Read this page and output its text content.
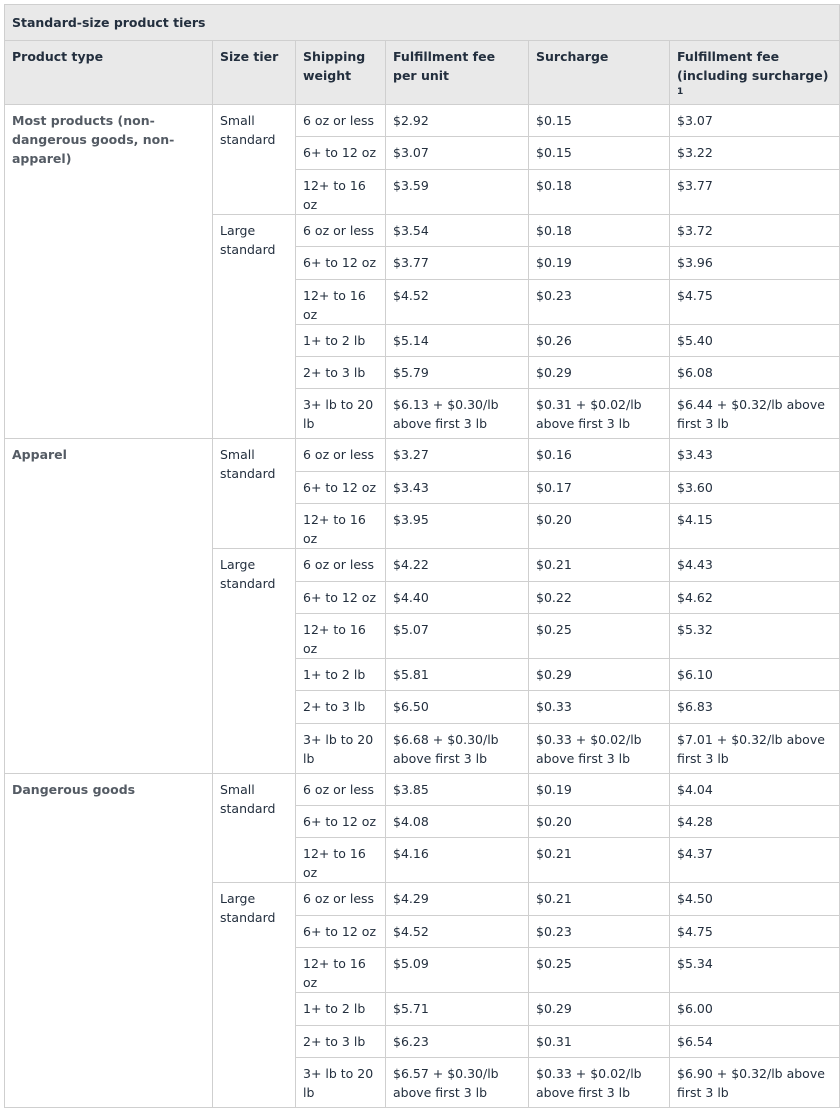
Standard-size product tiers					
Product type	Size tier	Shipping weight	Fulfillment fee per unit	Surcharge	Fulfillment fee (including surcharge) $^1$
Most products (non-dangerous goods, non-apparel)	Small standard	6 oz or less	$2.92	$0.15	$3.07
		6+ to 12 oz	$3.07	$0.15	$3.22
		12+ to 16 oz	$3.59	$0.18	$3.77
	Large standard	6 oz or less	$3.54	$0.18	$3.72
		6+ to 12 oz	$3.77	$0.19	$3.96
		12+ to 16 oz	$4.52	$0.23	$4.75
		1+ to 2 lb	$5.14	$0.26	$5.40
		2+ to 3 lb	$5.79	$0.29	$6.08
		3+ lb to 20 lb	$6.13 + $0.30/lb above first 3 lb	$0.31 + $0.02/lb above first 3 lb	$6.44 + $0.32/lb above first 3 lb
Apparel	Small standard	6 oz or less	$3.27	$0.16	$3.43
		6+ to 12 oz	$3.43	$0.17	$3.60
		12+ to 16 oz	$3.95	$0.20	$4.15
	Large standard	6 oz or less	$4.22	$0.21	$4.43
		6+ to 12 oz	$4.40	$0.22	$4.62
		12+ to 16 oz	$5.07	$0.25	$5.32
		1+ to 2 lb	$5.81	$0.29	$6.10
		2+ to 3 lb	$6.50	$0.33	$6.83
		3+ lb to 20 lb	$6.68 + $0.30/lb above first 3 lb	$0.33 + $0.02/lb above first 3 lb	$7.01 + $0.32/lb above first 3 lb
Dangerous goods	Small standard	6 oz or less	$3.85	$0.19	$4.04
		6+ to 12 oz	$4.08	$0.20	$4.28
		12+ to 16 oz	$4.16	$0.21	$4.37
	Large standard	6 oz or less	$4.29	$0.21	$4.50
		6+ to 12 oz	$4.52	$0.23	$4.75
		12+ to 16 oz	$5.09	$0.25	$5.34
		1+ to 2 lb	$5.71	$0.29	$6.00
		2+ to 3 lb	$6.23	$0.31	$6.54
		3+ lb to 20 lb	$6.57 + $0.30/lb above first 3 lb	$0.33 + $0.02/lb above first 3 lb	$6.90 + $0.32/lb above first 3 lb
